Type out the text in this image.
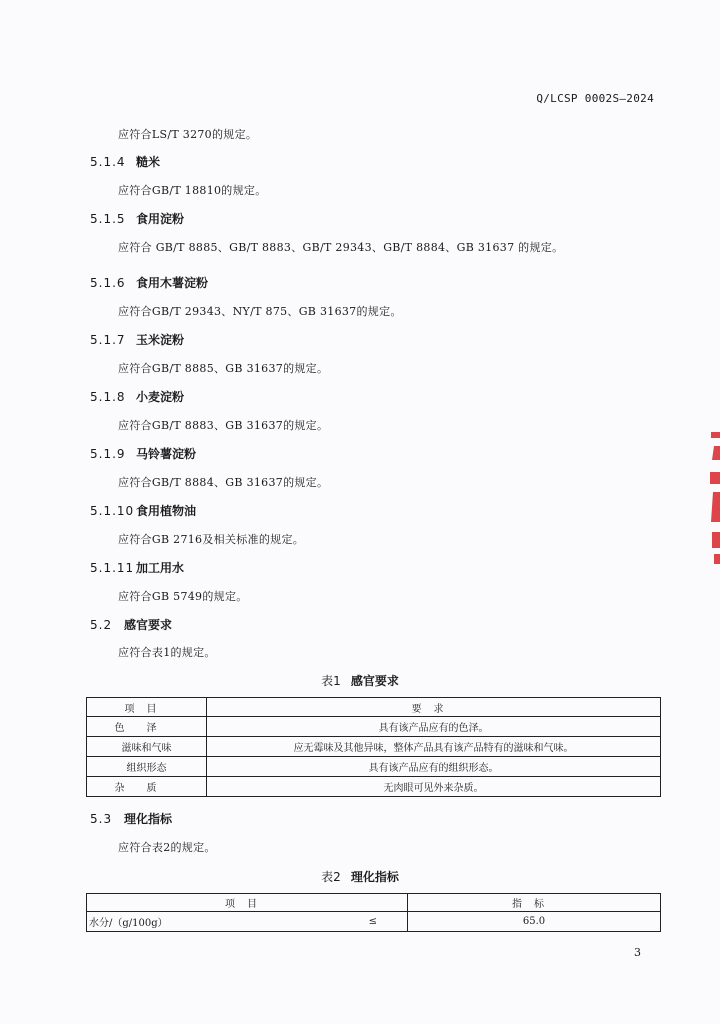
Q/LCSP 0002S—2024
应符合LS/T 3270的规定。
5.1.4 糙米
应符合GB/T 18810的规定。
5.1.5 食用淀粉
应符合 GB/T 8885、GB/T 8883、GB/T 29343、GB/T 8884、GB 31637 的规定。
5.1.6 食用木薯淀粉
应符合GB/T 29343、NY/T 875、GB 31637的规定。
5.1.7 玉米淀粉
应符合GB/T 8885、GB 31637的规定。
5.1.8 小麦淀粉
应符合GB/T 8883、GB 31637的规定。
5.1.9 马铃薯淀粉
应符合GB/T 8884、GB 31637的规定。
5.1.10 食用植物油
应符合GB 2716及相关标准的规定。
5.1.11 加工用水
应符合GB 5749的规定。
5.2 感官要求
应符合表1的规定。
表1 感官要求
项目	要求
色泽	具有该产品应有的色泽。
滋味和气味	应无霉味及其他异味，整体产品具有该产品特有的滋味和气味。
组织形态	具有该产品应有的组织形态。
杂质	无肉眼可见外来杂质。
5.3 理化指标
应符合表2的规定。
表2 理化指标
项目		指标
水分/（g/100g）	≤	65.0
3
